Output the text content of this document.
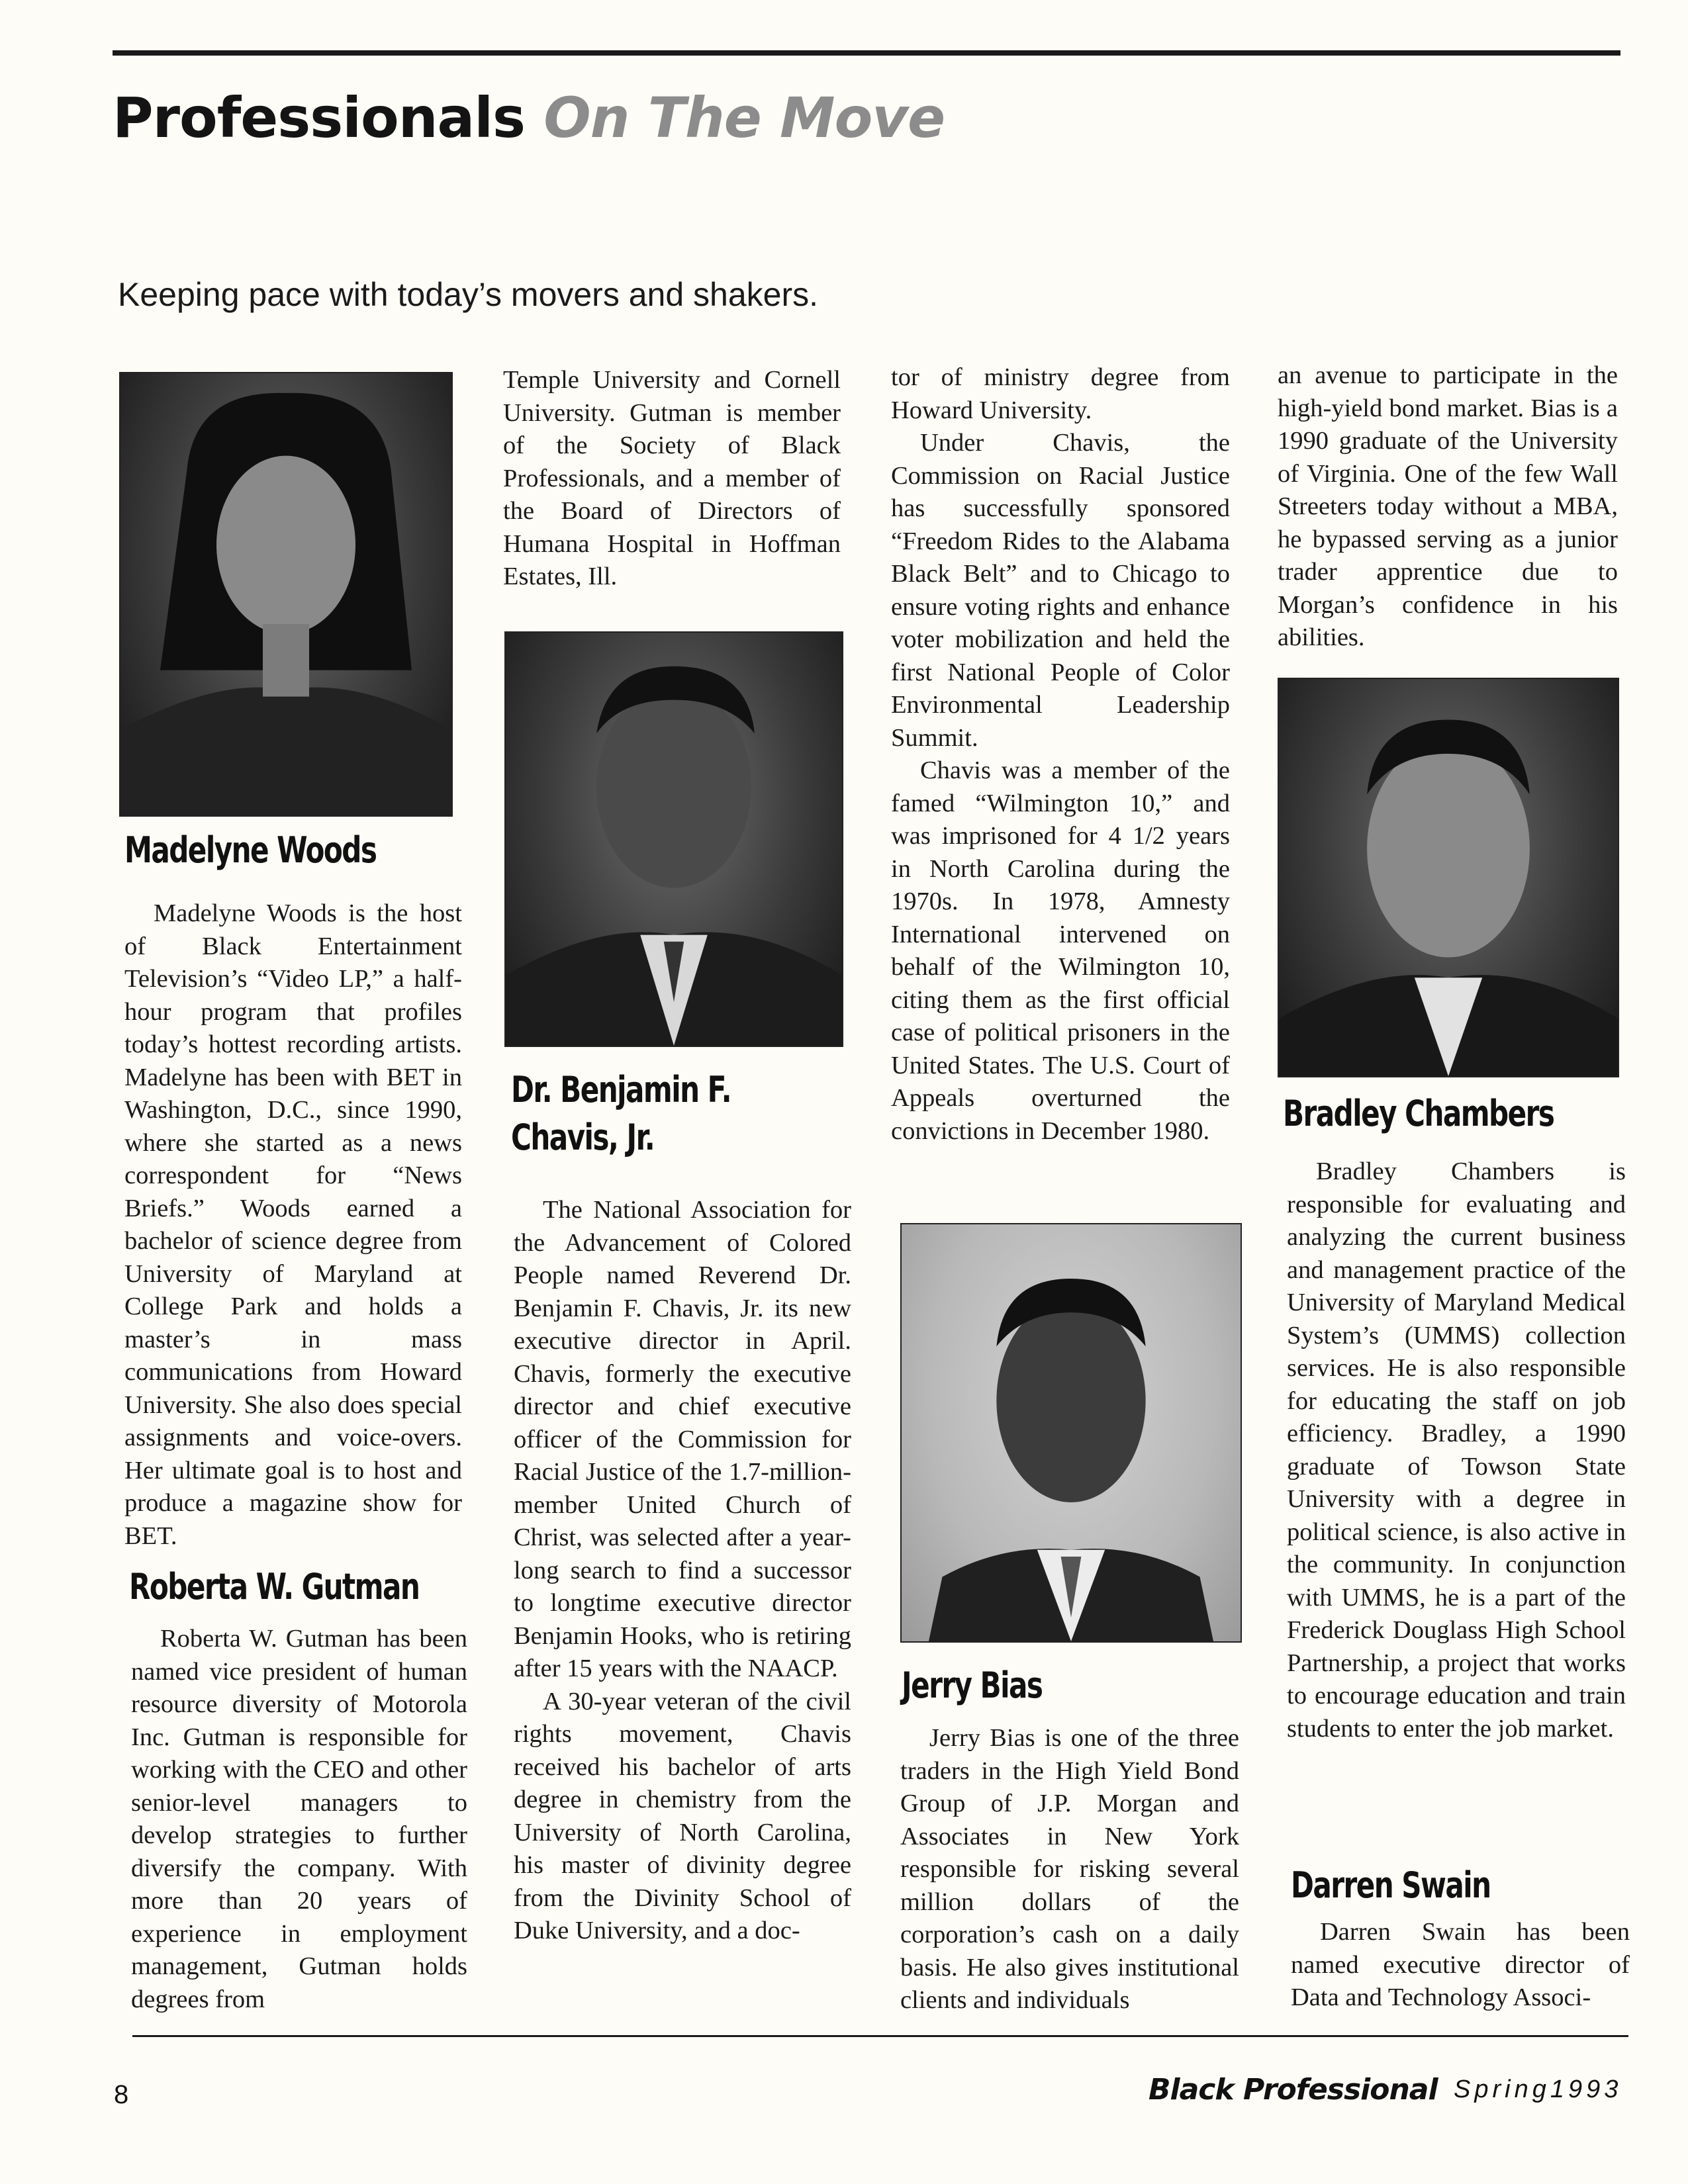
Professionals On The Move
Keeping pace with today’s movers and shakers.
Madelyne Woods

Madelyne Woods is the host of Black Entertainment Television’s “Video LP,” a half-hour program that profiles today’s hottest recording artists. Madelyne has been with BET in Washington, D.C., since 1990, where she started as a news correspondent for “News Briefs.” Woods earned a bachelor of science degree from University of Maryland at College Park and holds a master’s in mass communications from Howard University. She also does special assignments and voice-overs. Her ultimate goal is to host and produce a magazine show for BET.

Roberta W. Gutman

Roberta W. Gutman has been named vice president of human resource diversity of Motorola Inc. Gutman is responsible for working with the CEO and other senior-level managers to develop strategies to further diversify the company. With more than 20 years of experience in employment management, Gutman holds degrees from

Temple University and Cornell University. Gutman is member of the Society of Black Professionals, and a member of the Board of Directors of Humana Hospital in Hoffman Estates, Ill.

Dr. Benjamin F.
Chavis, Jr.

The National Association for the Advancement of Colored People named Reverend Dr. Benjamin F. Chavis, Jr. its new executive director in April. Chavis, formerly the executive director and chief executive officer of the Commission for Racial Justice of the 1.7-million-member United Church of Christ, was selected after a year-long search to find a successor to longtime executive director Benjamin Hooks, who is retiring after 15 years with the NAACP.

A 30-year veteran of the civil rights movement, Chavis received his bachelor of arts degree in chemistry from the University of North Carolina, his master of divinity degree from the Divinity School of Duke University, and a doc-

tor of ministry degree from Howard University.

Under Chavis, the Commission on Racial Justice has successfully sponsored “Freedom Rides to the Alabama Black Belt” and to Chicago to ensure voting rights and enhance voter mobilization and held the first National People of Color Environmental Leadership Summit.

Chavis was a member of the famed “Wilmington 10,” and was imprisoned for 4 1/2 years in North Carolina during the 1970s. In 1978, Amnesty International intervened on behalf of the Wilmington 10, citing them as the first official case of political prisoners in the United States. The U.S. Court of Appeals overturned the convictions in December 1980.

Jerry Bias

Jerry Bias is one of the three traders in the High Yield Bond Group of J.P. Morgan and Associates in New York responsible for risking several million dollars of the corporation’s cash on a daily basis. He also gives institutional clients and individuals

an avenue to participate in the high-yield bond market. Bias is a 1990 graduate of the University of Virginia. One of the few Wall Streeters today without a MBA, he bypassed serving as a junior trader apprentice due to Morgan’s confidence in his abilities.

Bradley Chambers

Bradley Chambers is responsible for evaluating and analyzing the current business and management practice of the University of Maryland Medical System’s (UMMS) collection services. He is also responsible for educating the staff on job efficiency. Bradley, a 1990 graduate of Towson State University with a degree in political science, is also active in the community. In conjunction with UMMS, he is a part of the Frederick Douglass High School Partnership, a project that works to encourage education and train students to enter the job market.

Darren Swain

Darren Swain has been named executive director of Data and Technology Associ-

8	Black Professional Spring1993
